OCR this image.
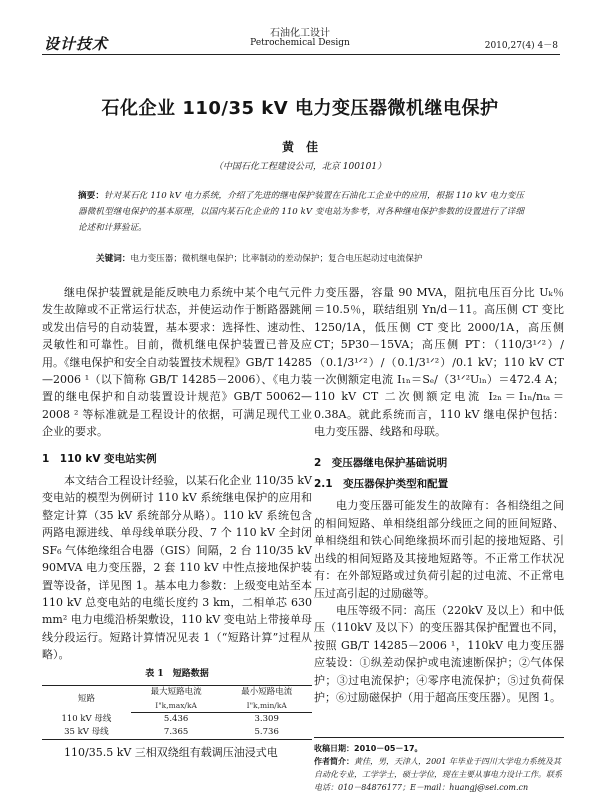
设计技术
石油化工设计
Petrochemical Design	2010,27(4) 4－8
石化企业 110/35 kV 电力变压器微机继电保护
黄　佳
（中国石化工程建设公司，北京 100101）
摘要：针对某石化 110 kV 电力系统，介绍了先进的继电保护装置在石油化工企业中的应用，根据 110 kV 电力变压器微机型继电保护的基本原理，以国内某石化企业的 110 kV 变电站为参考，对各种继电保护参数的设置进行了详细论述和计算验证。
关键词：电力变压器；微机继电保护；比率制动的差动保护；复合电压起动过电流保护

继电保护装置就是能反映电力系统中某个电气元件发生故障或不正常运行状态，并使运动作于断路器跳闸或发出信号的自动装置，基本要求：选择性、速动性、灵敏性和可靠性。目前，微机继电保护装置已普及应用。《继电保护和安全自动装置技术规程》GB/T 14285—2006 ¹（以下简称 GB/T 14285－2006）、《电力装置的继电保护和自动装置设计规范》GB/T 50062—2008 ² 等标准就是工程设计的依据，可满足现代工业企业的要求。

1　110 kV 变电站实例

本文结合工程设计经验，以某石化企业 110/35 kV 变电站的模型为例研讨 110 kV 系统继电保护的应用和整定计算（35 kV 系统部分从略）。110 kV 系统包含两路电源进线、单母线单联分段、7 个 110 kV 全封闭 SF₆ 气体绝缘组合电器（GIS）间隔，2 台 110/35 kV 90MVA 电力变压器，2 套 110 kV 中性点接地保护装置等设备，详见图 1。基本电力参数：上级变电站至本 110 kV 总变电站的电缆长度约 3 km，二相单芯 630 mm² 电力电缆沿桥架敷设，110 kV 变电站上带接单母线分段运行。短路计算情况见表 1（“短路计算”过程从略）。

表 1　短路数据
短路	最大短路电流	最小短路电流

	I"k,max/kA	I"k,min/kA

110 kV 母线	5.436	3.309
35 kV 母线	7.365	5.736

110/35.5 kV 三相双绕组有载调压油浸式电

力变压器，容量 90 MVA，阻抗电压百分比 Uₖ％＝10.5％，联结组别 Yn/d－11。高压侧 CT 变比1250/1A，低压侧 CT 变比 2000/1A，高压侧 CT；5P30－15VA；高压侧 PT：（110/3¹ᐟ²）/（0.1/3¹ᐟ²）/（0.1/3¹ᐟ²）/0.1 kV；110 kV CT 一次侧额定电流 I₁ₙ＝Sₑ/（3¹ᐟ²Uₗₙ）＝472.4 A；110 kV CT 二次侧额定电流 I₂ₙ＝I₁ₙ/nₜₐ＝0.38A。就此系统而言，110 kV 继电保护包括：电力变压器、线路和母联。

2　变压器继电保护基础说明
2.1　变压器保护类型和配置

电力变压器可能发生的故障有：各相绕组之间的相间短路、单相绕组部分线匝之间的匝间短路、单相绕组和铁心间绝缘损坏而引起的接地短路、引出线的相间短路及其接地短路等。不正常工作状况有：在外部短路或过负荷引起的过电流、不正常电压过高引起的过励磁等。

电压等级不同：高压（220kV 及以上）和中低压（110kV 及以下）的变压器其保护配置也不同，按照 GB/T 14285－2006 ¹，110kV 电力变压器应装设：①纵差动保护或电流速断保护；②气体保护；③过电流保护；④零序电流保护；⑤过负荷保护；⑥过励磁保护（用于超高压变压器）。见图 1。

收稿日期：2010－05－17。
作者简介：黄佳，男，天津人，2001 年毕业于四川大学电力系统及其自动化专业，工学学士，硕士学位，现在主要从事电力设计工作。联系电话：010－84876177；E－mail：huangj@sei.com.cn
